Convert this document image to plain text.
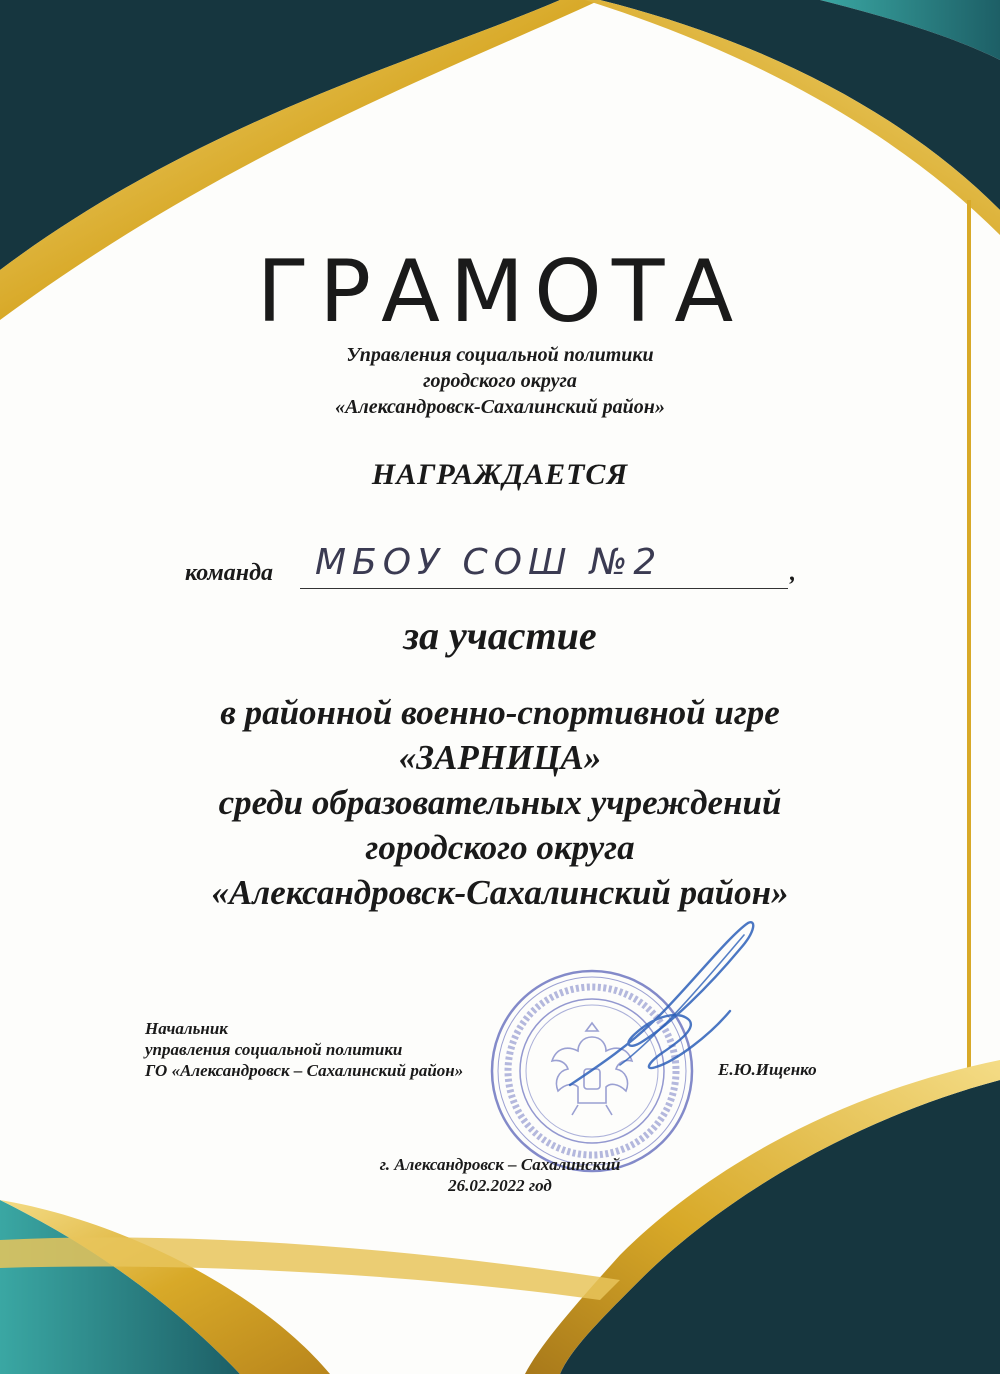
ГРАМОТА
Управления социальной политики
городского округа
«Александровск-Сахалинский район»
НАГРАЖДАЕТСЯ
команда МБОУ СОШ №2	,
за участие
в районной военно-спортивной игре
«ЗАРНИЦА»
среди образовательных учреждений
городского округа
«Александровск-Сахалинский район»
Начальник
управления социальной политики
ГО «Александровск – Сахалинский район»	Е.Ю.Ищенко
г. Александровск – Сахалинский
26.02.2022 год
